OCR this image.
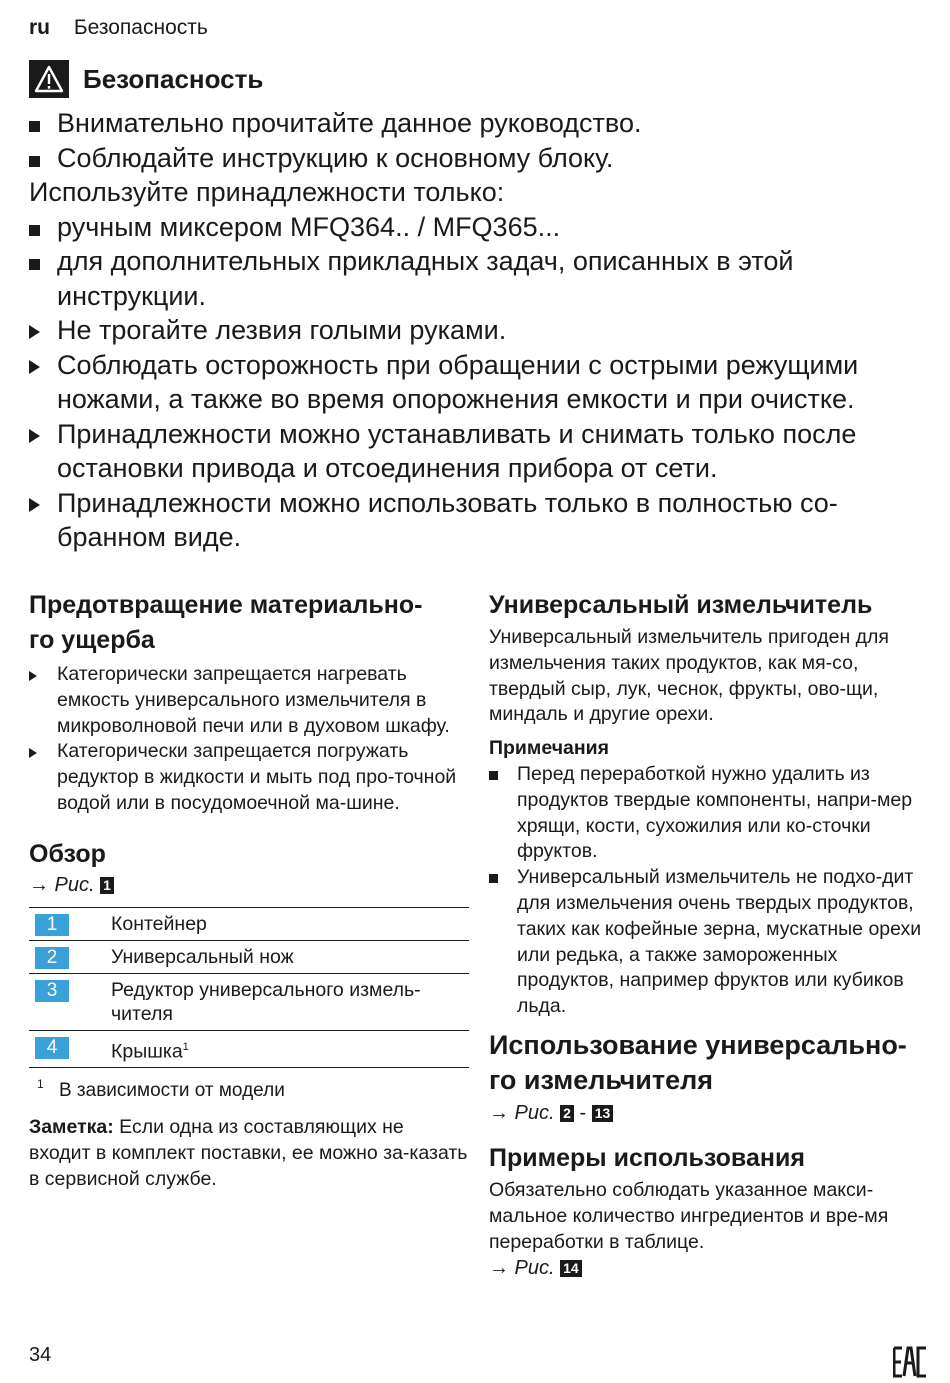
ru Безопасность
Безопасность
Внимательно прочитайте данное руководство.
Соблюдайте инструкцию к основному блоку.
Используйте принадлежности только:
ручным миксером MFQ364.. / MFQ365...
для дополнительных прикладных задач, описанных в этой инструкции.
Не трогайте лезвия голыми руками.
Соблюдать осторожность при обращении с острыми режущими ножами, а также во время опорожнения емкости и при очистке.
Принадлежности можно устанавливать и снимать только после остановки привода и отсоединения прибора от сети.
Принадлежности можно использовать только в полностью со-бранном виде.
Предотвращение материально-
го ущерба
Категорически запрещается нагревать емкость универсального измельчителя в микроволновой печи или в духовом шкафу.
Категорически запрещается погружать редуктор в жидкости и мыть под про-точной водой или в посудомоечной ма-шине.
Обзор
→ Рис. 1
1	Контейнер
2	Универсальный нож
3	Редуктор универсального измель-чителя
4	Крышка$^1$
$^1$ В зависимости от модели
Заметка: Если одна из составляющих не входит в комплект поставки, ее можно за-казать в сервисной службе.
Универсальный измельчитель
Универсальный измельчитель пригоден для измельчения таких продуктов, как мя-со, твердый сыр, лук, чеснок, фрукты, ово-щи, миндаль и другие орехи.
Примечания
Перед переработкой нужно удалить из продуктов твердые компоненты, напри-мер хрящи, кости, сухожилия или ко-сточки фруктов.
Универсальный измельчитель не подхо-дит для измельчения очень твердых продуктов, таких как кофейные зерна, мускатные орехи или редька, а также замороженных продуктов, например фруктов или кубиков льда.
Использование универсально-
го измельчителя
→ Рис. 2 - 13
Примеры использования
Обязательно соблюдать указанное макси-мальное количество ингредиентов и вре-мя переработки в таблице.
→ Рис. 14
34
